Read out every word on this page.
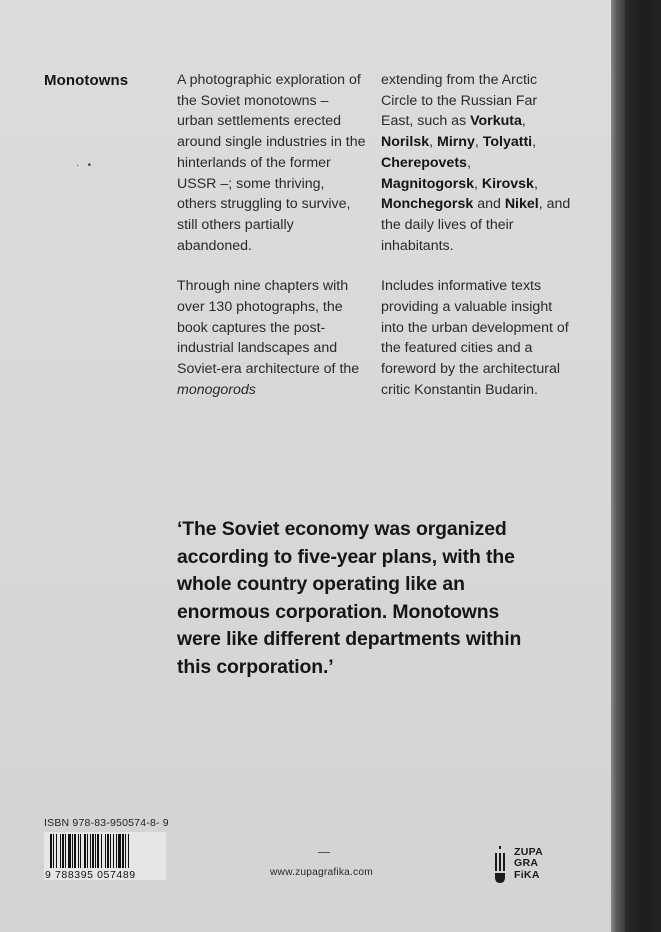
Monotowns
·   •

A photographic exploration of the Soviet monotowns – urban settlements erected around single industries in the hinterlands of the former USSR –; some thriving, others struggling to survive, still others partially abandoned.

Through nine chapters with over 130 photographs, the book captures the post-industrial landscapes and Soviet-era architecture of the monogorods

extending from the Arctic Circle to the Russian Far East, such as Vorkuta, Norilsk, Mirny, Tolyatti, Cherepovets, Magnitogorsk, Kirovsk, Monchegorsk and Nikel, and the daily lives of their inhabitants.

Includes informative texts providing a valuable insight into the urban development of the featured cities and a foreword by the architectural critic Konstantin Budarin.

‘The Soviet economy was organized according to five-year plans, with the whole country operating like an enormous corporation. Monotowns were like different departments within this corporation.’
ISBN 978-83-950574-8- 9
9 788395 057489	www.zupagrafika.com
ZUPA
GRA
FiKA
